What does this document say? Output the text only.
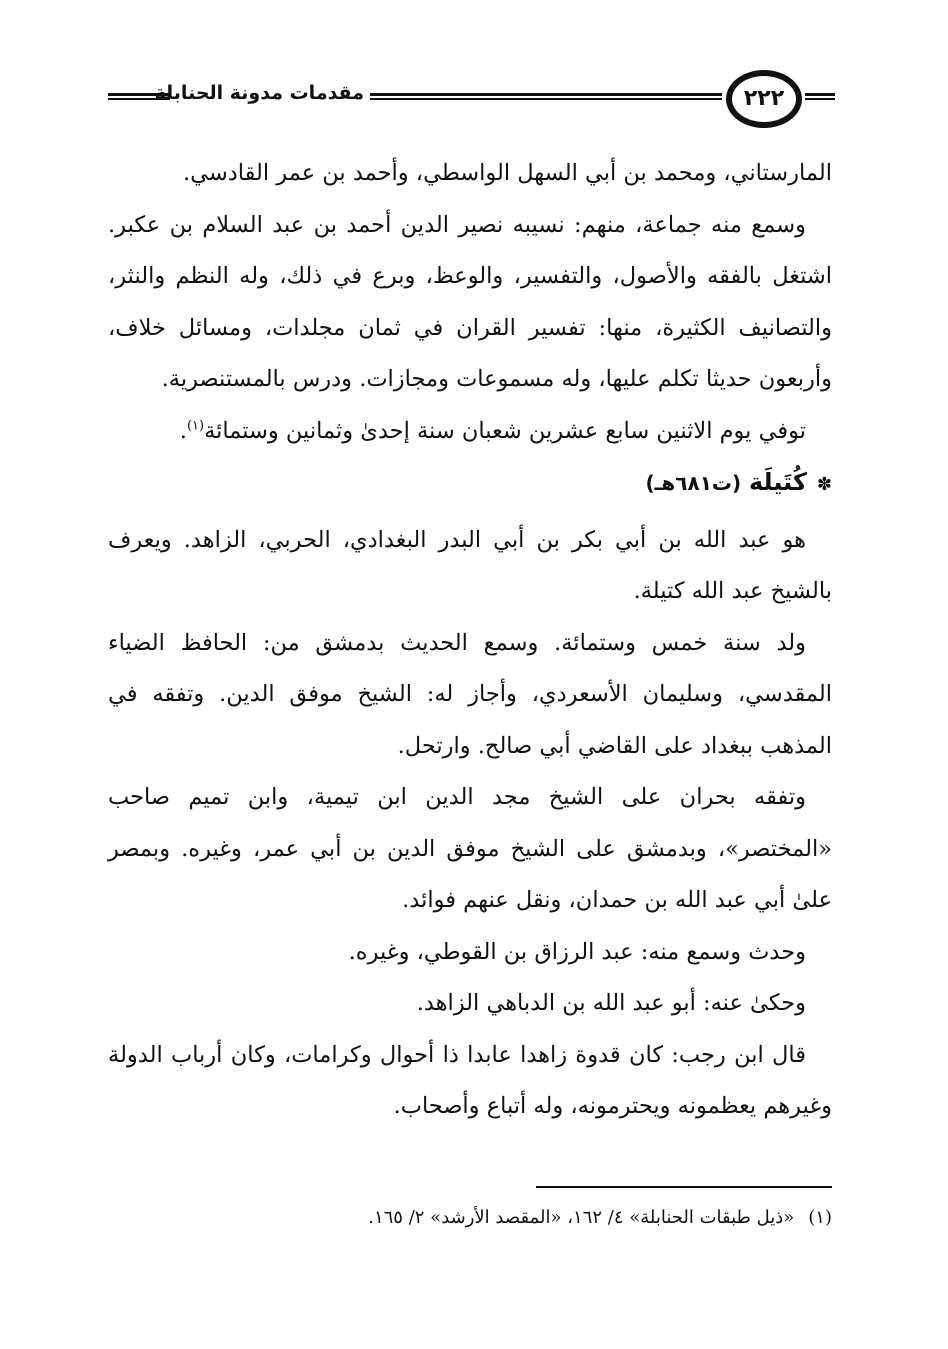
مقدمات مدونة الحنابلة	٢٢٢

المارستاني، ومحمد بن أبي السهل الواسطي، وأحمد بن عمر القادسي.

وسمع منه جماعة، منهم: نسيبه نصير الدين أحمد بن عبد السلام بن عكبر. اشتغل بالفقه والأصول، والتفسير، والوعظ، وبرع في ذلك، وله النظم والنثر، والتصانيف الكثيرة، منها: تفسير القران في ثمان مجلدات، ومسائل خلاف، وأربعون حديثا تكلم عليها، وله مسموعات ومجازات. ودرس بالمستنصرية.

توفي يوم الاثنين سابع عشرين شعبان سنة إحدىٰ وثمانين وستمائة$^{(١)}$.

✽كُتَيلَة (ت٦٨١هـ)

هو عبد الله بن أبي بكر بن أبي البدر البغدادي، الحربي، الزاهد. ويعرف بالشيخ عبد الله كتيلة.

ولد سنة خمس وستمائة. وسمع الحديث بدمشق من: الحافظ الضياء المقدسي، وسليمان الأسعردي، وأجاز له: الشيخ موفق الدين. وتفقه في المذهب ببغداد على القاضي أبي صالح. وارتحل.

وتفقه بحران على الشيخ مجد الدين ابن تيمية، وابن تميم صاحب «المختصر»، وبدمشق على الشيخ موفق الدين بن أبي عمر، وغيره. وبمصر علىٰ أبي عبد الله بن حمدان، ونقل عنهم فوائد.

وحدث وسمع منه: عبد الرزاق بن القوطي، وغيره.

وحكىٰ عنه: أبو عبد الله بن الدباهي الزاهد.

قال ابن رجب: كان قدوة زاهدا عابدا ذا أحوال وكرامات، وكان أرباب الدولة وغيرهم يعظمونه ويحترمونه، وله أتباع وأصحاب.

(١)«ذيل طبقات الحنابلة» ٤/ ١٦٢، «المقصد الأرشد» ٢/ ١٦٥.
